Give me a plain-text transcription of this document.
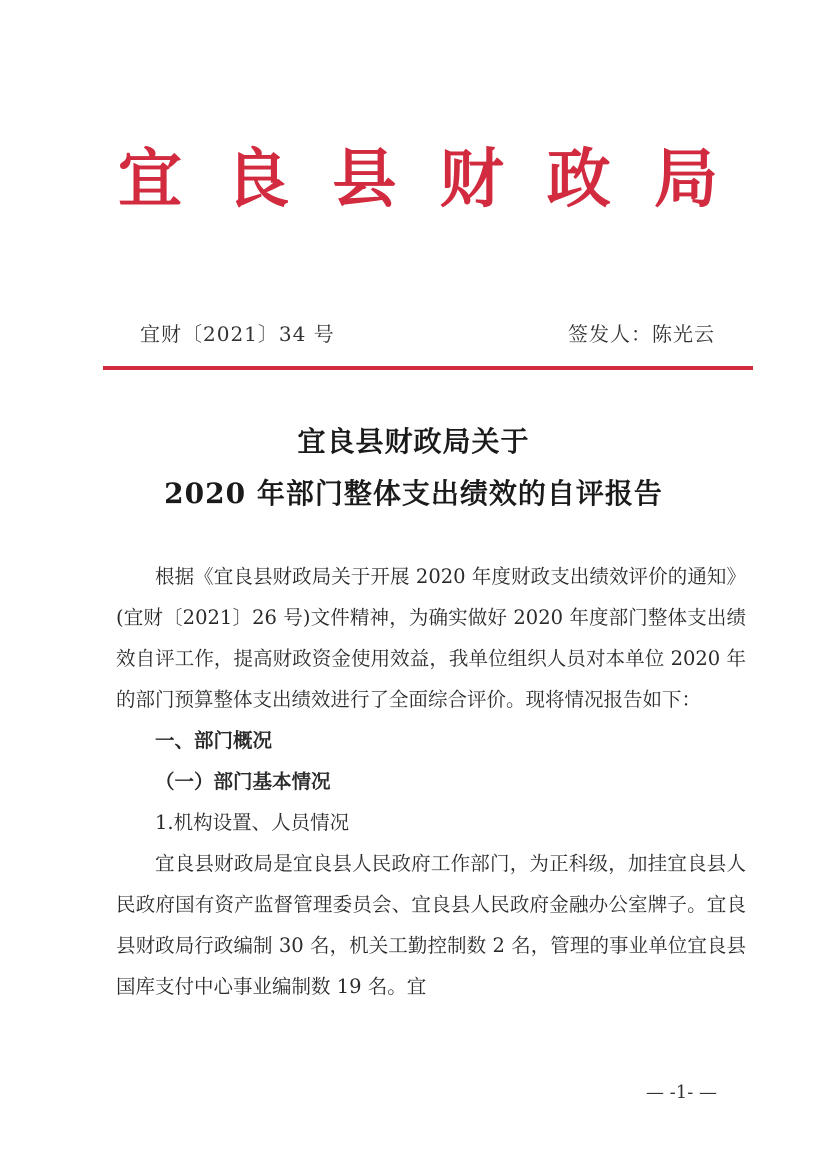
宜 良 县 财 政 局
宜财〔2021〕34 号	签发人：陈光云
宜良县财政局关于
2020 年部门整体支出绩效的自评报告

根据《宜良县财政局关于开展 2020 年度财政支出绩效评价的通知》(宜财〔2021〕26 号)文件精神，为确实做好 2020 年度部门整体支出绩效自评工作，提高财政资金使用效益，我单位组织人员对本单位 2020 年的部门预算整体支出绩效进行了全面综合评价。现将情况报告如下：

一、部门概况

（一）部门基本情况

1.机构设置、人员情况

宜良县财政局是宜良县人民政府工作部门，为正科级，加挂宜良县人民政府国有资产监督管理委员会、宜良县人民政府金融办公室牌子。宜良县财政局行政编制 30 名，机关工勤控制数 2 名，管理的事业单位宜良县国库支付中心事业编制数 19 名。宜

— -1- —
